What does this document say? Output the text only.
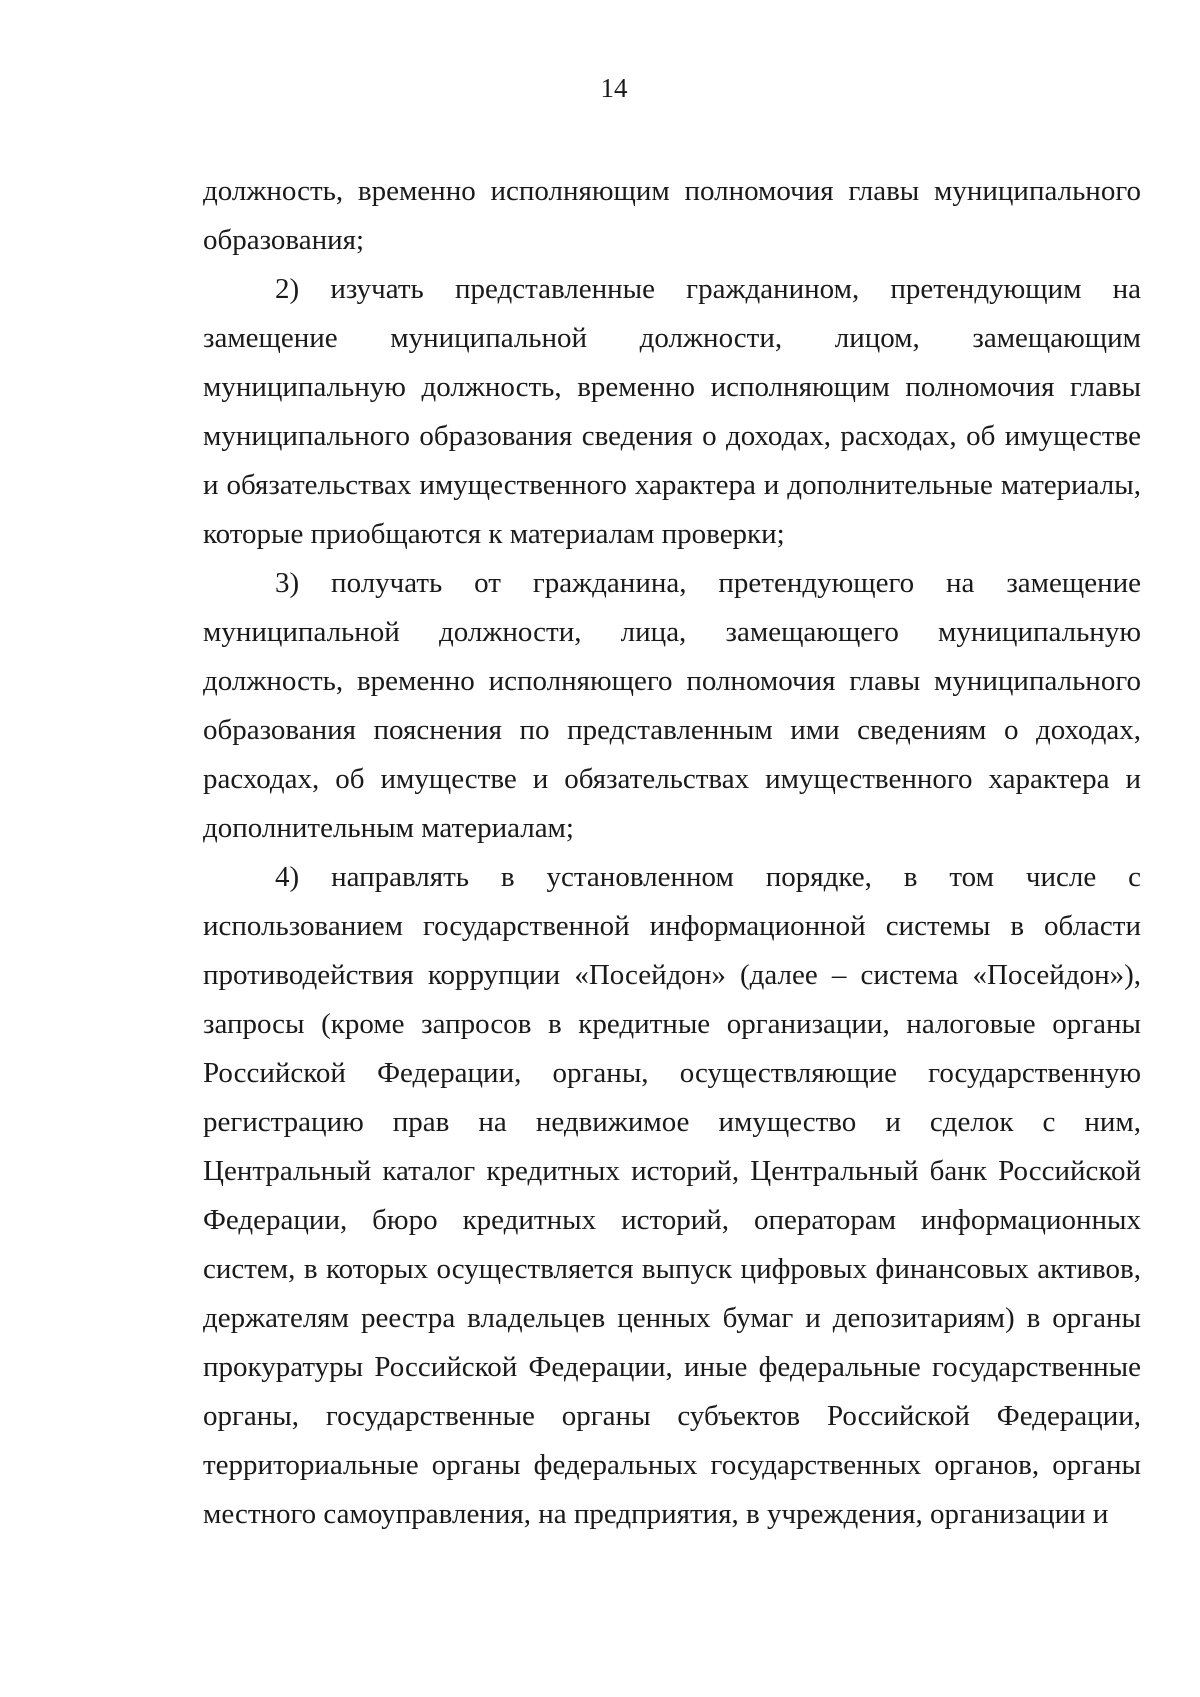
14

должность, временно исполняющим полномочия главы муниципального образования;

2) изучать представленные гражданином, претендующим на замещение муниципальной должности, лицом, замещающим муниципальную должность, временно исполняющим полномочия главы муниципального образования сведения о доходах, расходах, об имуществе и обязательствах имущественного характера и дополнительные материалы, которые приобщаются к материалам проверки;

3) получать от гражданина, претендующего на замещение муниципальной должности, лица, замещающего муниципальную должность, временно исполняющего полномочия главы муниципального образования пояснения по представленным ими сведениям о доходах, расходах, об имуществе и обязательствах имущественного характера и дополнительным материалам;

4) направлять в установленном порядке, в том числе с использованием государственной информационной системы в области противодействия коррупции «Посейдон» (далее – система «Посейдон»), запросы (кроме запросов в кредитные организации, налоговые органы Российской Федерации, органы, осуществляющие государственную регистрацию прав на недвижимое имущество и сделок с ним, Центральный каталог кредитных историй, Центральный банк Российской Федерации, бюро кредитных историй, операторам информационных систем, в которых осуществляется выпуск цифровых финансовых активов, держателям реестра владельцев ценных бумаг и депозитариям) в органы прокуратуры Российской Федерации, иные федеральные государственные органы, государственные органы субъектов Российской Федерации, территориальные органы федеральных государственных органов, органы местного самоуправления, на предприятия, в учреждения, организации и
